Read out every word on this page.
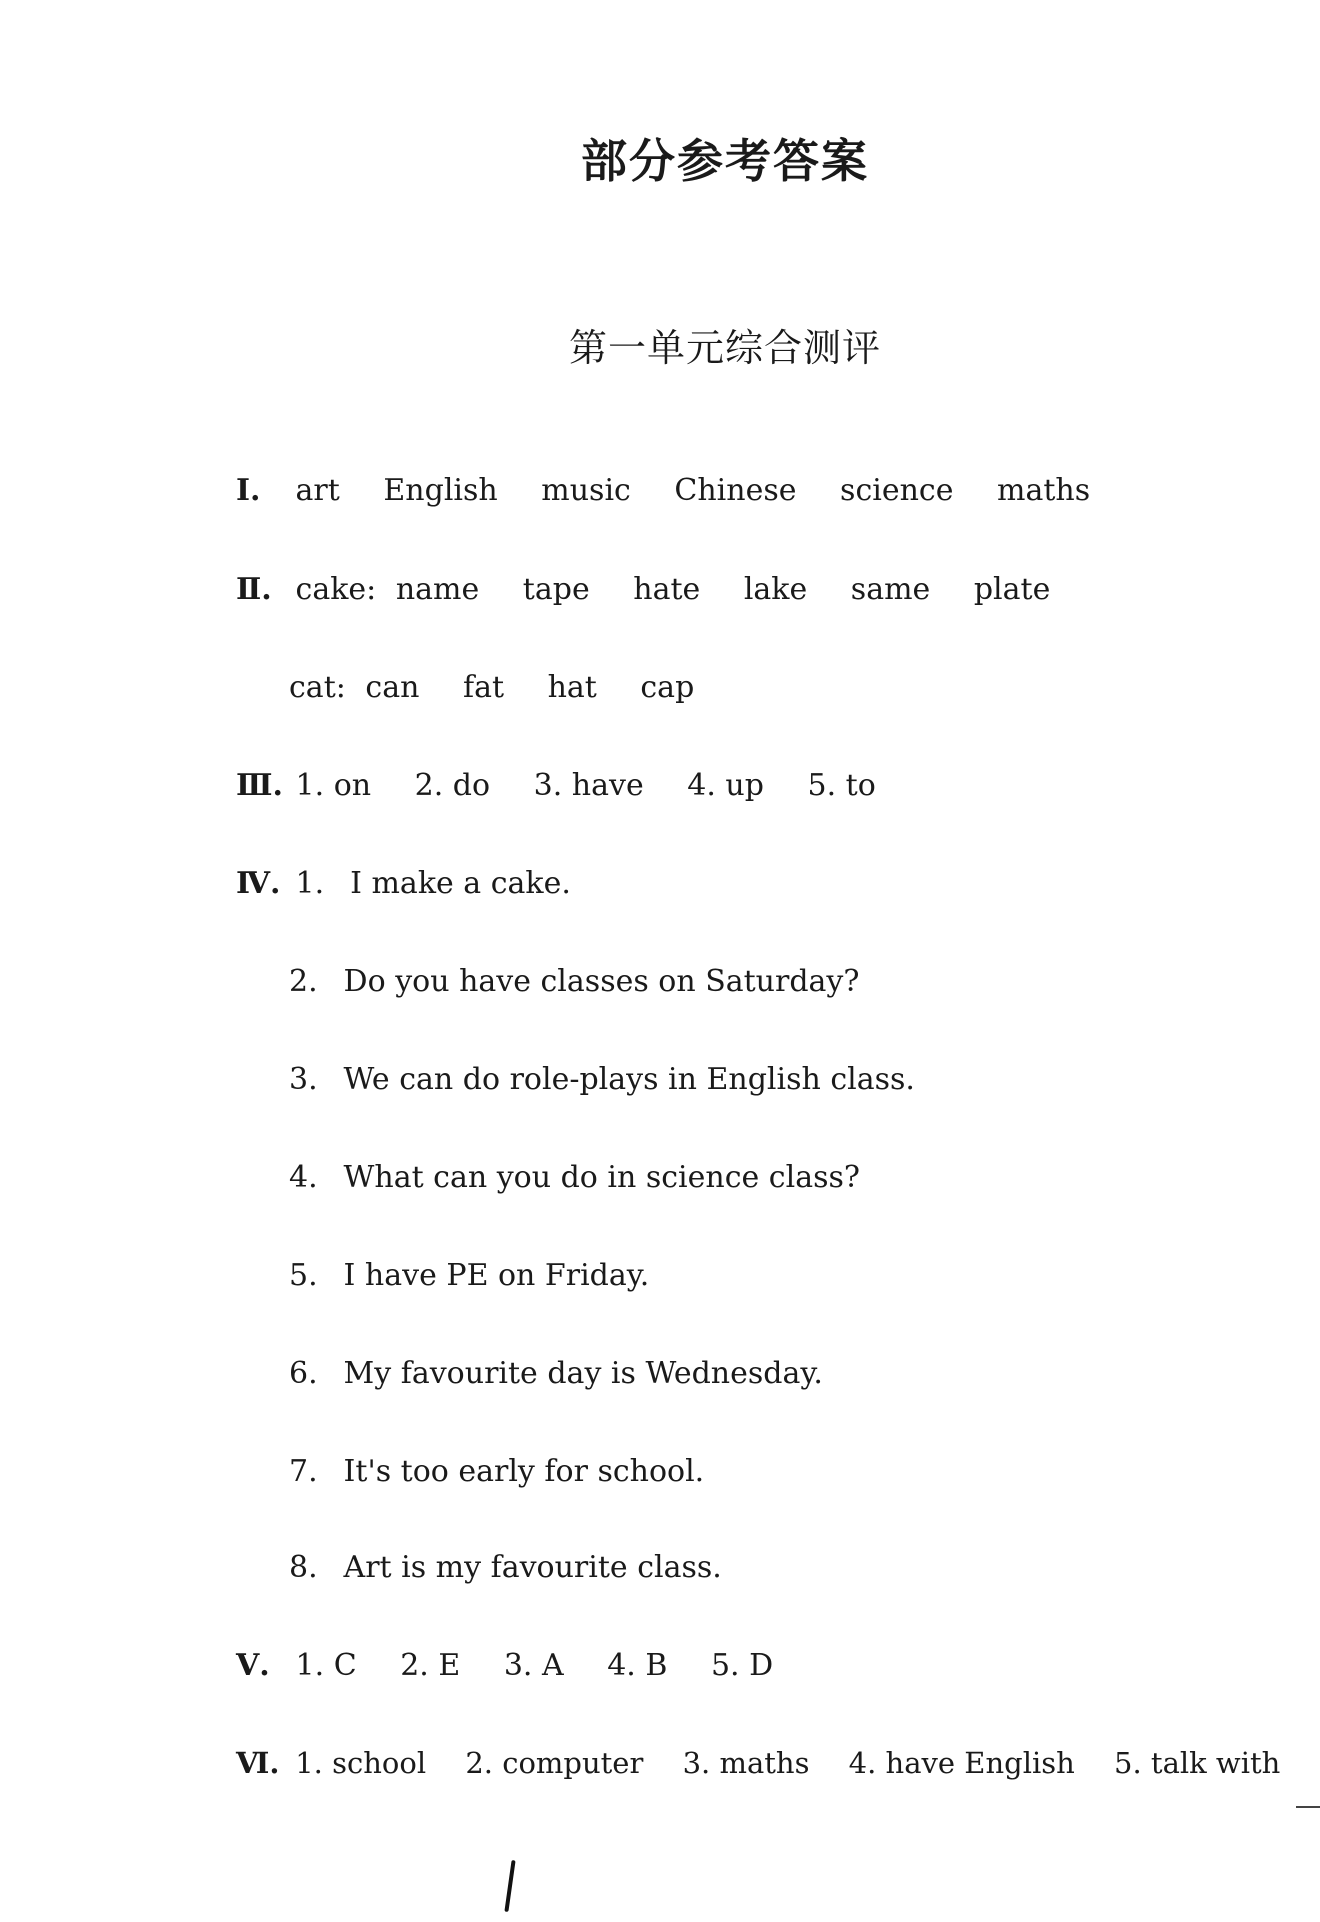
部分参考答案
第一单元综合测评
Ⅰ. art English music Chinese science maths
Ⅱ. cake: name tape hate lake same plate
cat: can fat hat cap
Ⅲ. 1. on 2. do 3. have 4. up 5. to
Ⅳ. 1. I make a cake.
2. Do you have classes on Saturday?
3. We can do role-plays in English class.
4. What can you do in science class?
5. I have PE on Friday.
6. My favourite day is Wednesday.
7. It's too early for school.
8. Art is my favourite class.
Ⅴ. 1. C 2. E 3. A 4. B 5. D
Ⅵ. 1. school 2. computer 3. maths 4. have English 5. talk with
